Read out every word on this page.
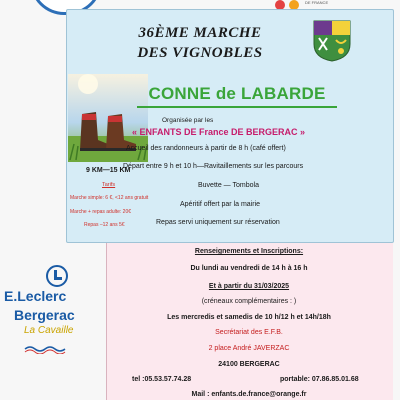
DE FRANCE
36ÈME MARCHE
DES VIGNOBLES
CONNE de LABARDE
Organisée par les
« ENFANTS DE France DE BERGERAC »
Accueil des randonneurs à partir de 8 h (café offert)
Départ entre 9 h et 10 h—Ravitaillements sur les parcours
Buvette — Tombola
Apéritif offert par la mairie
Repas servi uniquement sur réservation
9 KM—15 KM
Tarifs
Marche simple: 6 €, <12 ans gratuit
Marche + repas adulte: 20€
Repas –12 ans 5€
E.Leclerc
Bergerac
La Cavaille
Renseignements et Inscriptions:
Du lundi au vendredi de 14 h à 16 h
Et à partir du 31/03/2025
(créneaux complémentaires : )
Les mercredis et samedis de 10 h/12 h et 14h/18h
Secrétariat des E.F.B.
2 place André JAVERZAC
24100 BERGERAC
tel :05.53.57.74.28	portable: 07.86.85.01.68
Mail : enfants.de.france@orange.fr
